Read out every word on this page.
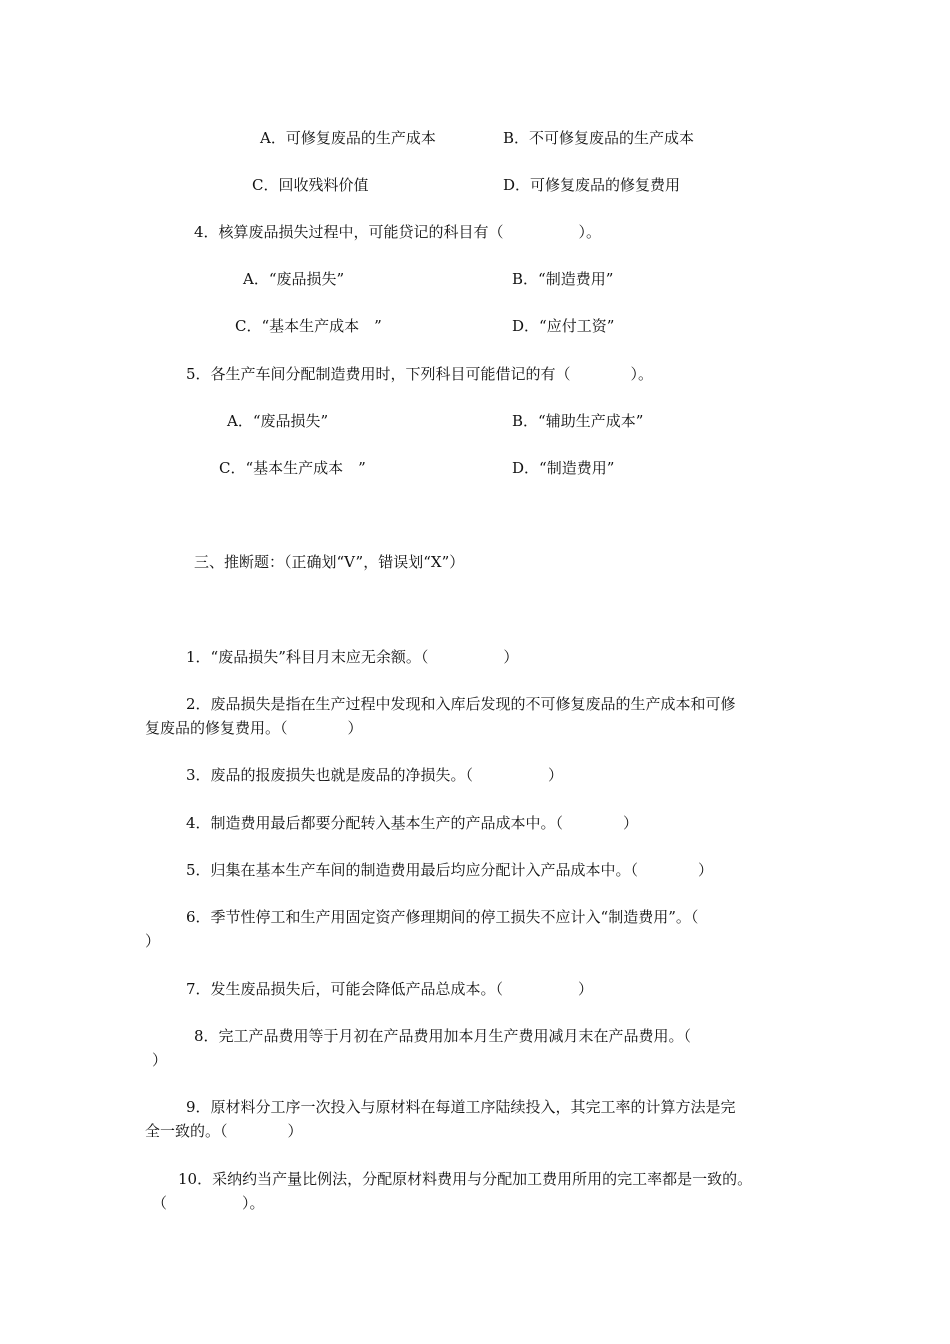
A．可修复废品的生产成本	B．不可修复废品的生产成本
C．回收残料价值	D．可修复废品的修复费用
4．核算废品损失过程中，可能贷记的科目有（　　　　　）。
A．“废品损失”	B．“制造费用”
C．“基本生产成本　”	D．“应付工资”
5．各生产车间分配制造费用时，下列科目可能借记的有（　　　　）。
A．“废品损失”	B．“辅助生产成本”
C．“基本生产成本　”	D．“制造费用”
三、推断题：（正确划“V”，错误划“X”）
1．“废品损失”科目月末应无余额。（　　　　　）
2．废品损失是指在生产过程中发现和入库后发现的不可修复废品的生产成本和可修
复废品的修复费用。（　　　　）
3．废品的报废损失也就是废品的净损失。（　　　　　）
4．制造费用最后都要分配转入基本生产的产品成本中。（　　　　）
5．归集在基本生产车间的制造费用最后均应分配计入产品成本中。（　　　　）
6．季节性停工和生产用固定资产修理期间的停工损失不应计入“制造费用”。（
）
7．发生废品损失后，可能会降低产品总成本。（　　　　　）
8．完工产品费用等于月初在产品费用加本月生产费用减月末在产品费用。（
）
9．原材料分工序一次投入与原材料在每道工序陆续投入，其完工率的计算方法是完
全一致的。（　　　　）
10．采纳约当产量比例法，分配原材料费用与分配加工费用所用的完工率都是一致的。
（　　　　　）。
